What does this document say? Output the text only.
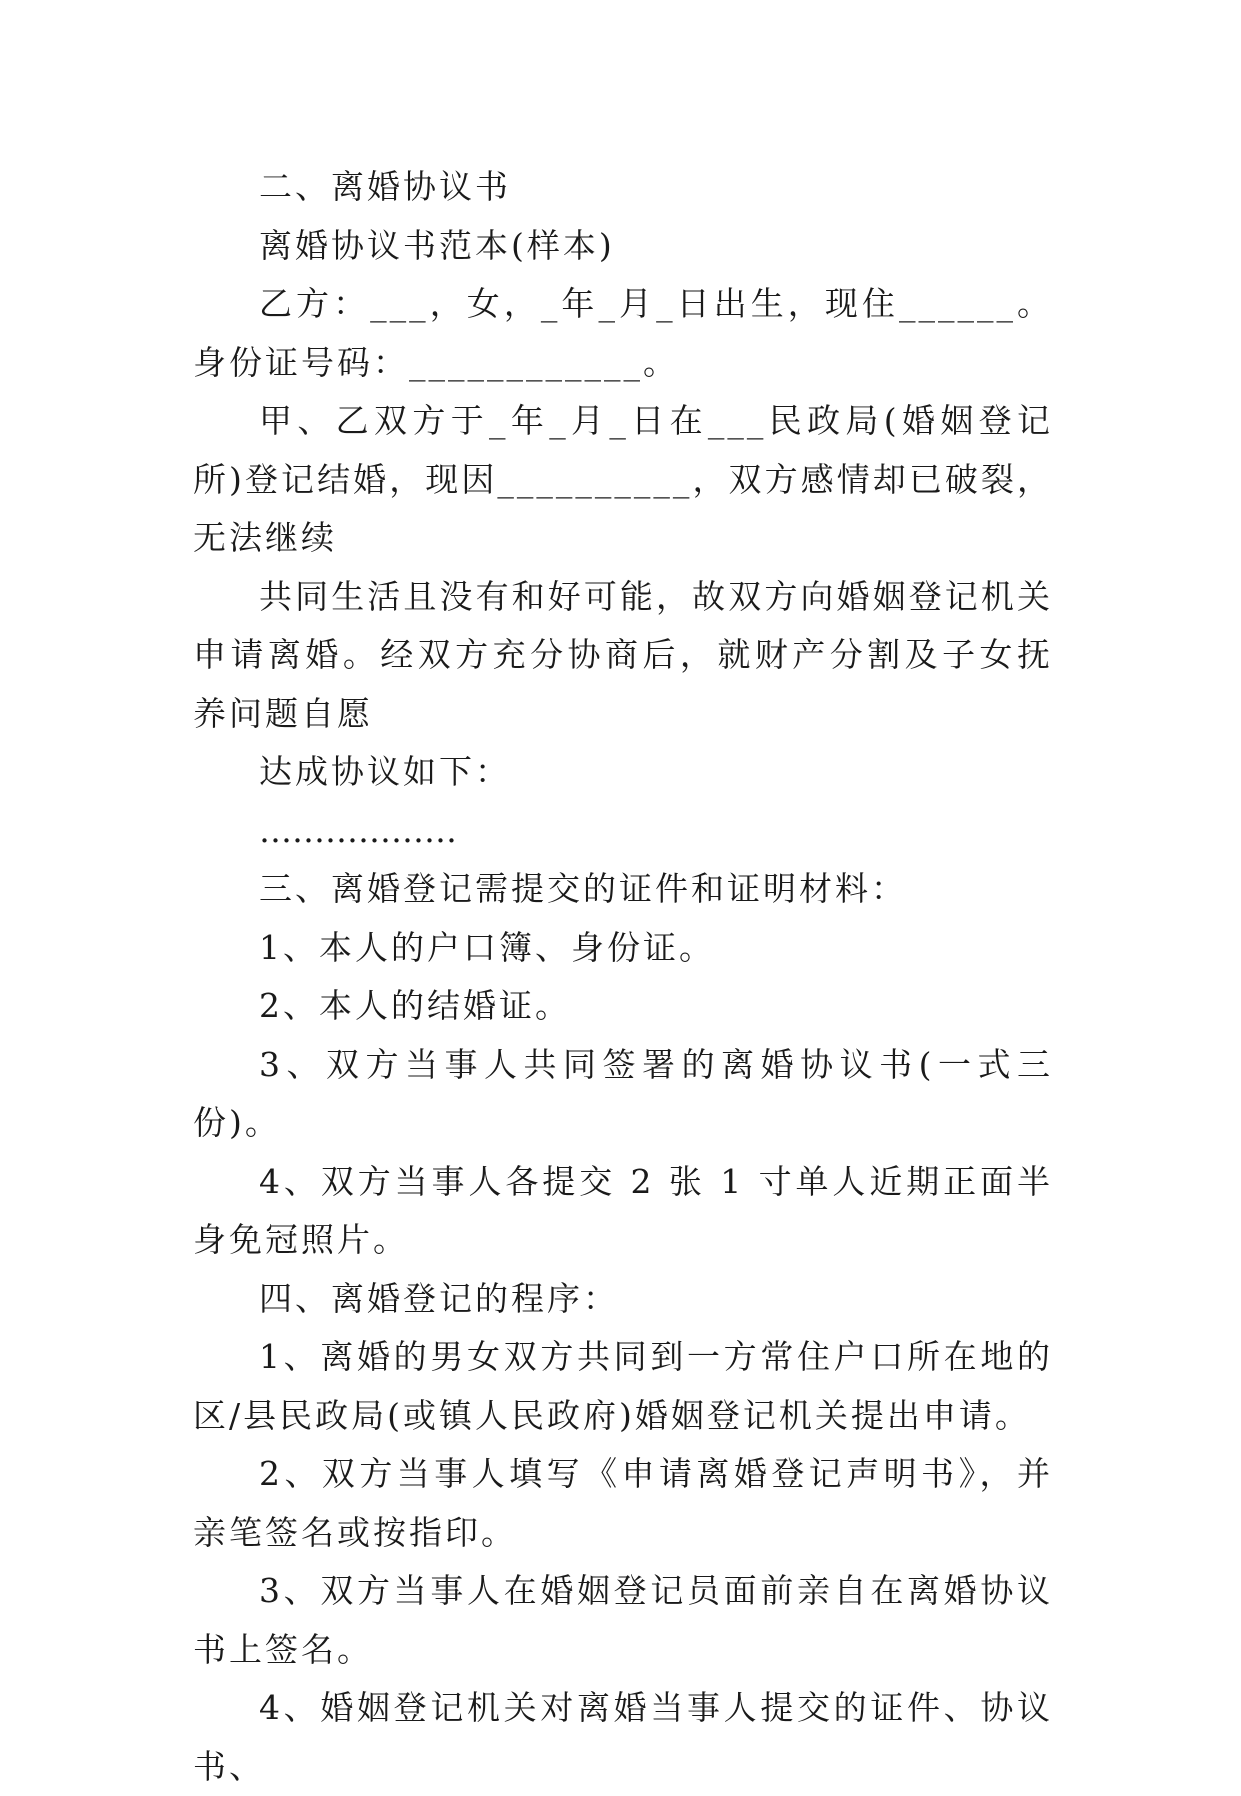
二、离婚协议书

离婚协议书范本(样本)

乙方：___，女，_年_月_日出生，现住______。身份证号码：____________。

甲、乙双方于_年_月_日在___民政局(婚姻登记所)登记结婚，现因__________，双方感情却已破裂，无法继续

共同生活且没有和好可能，故双方向婚姻登记机关申请离婚。经双方充分协商后，就财产分割及子女抚养问题自愿

达成协议如下：

………………

三、离婚登记需提交的证件和证明材料：

1、本人的户口簿、身份证。

2、本人的结婚证。

3、双方当事人共同签署的离婚协议书(一式三份)。

4、双方当事人各提交 2 张 1 寸单人近期正面半身免冠照片。

四、离婚登记的程序：

1、离婚的男女双方共同到一方常住户口所在地的区/县民政局(或镇人民政府)婚姻登记机关提出申请。

2、双方当事人填写《申请离婚登记声明书》，并亲笔签名或按指印。

3、双方当事人在婚姻登记员面前亲自在离婚协议书上签名。

4、婚姻登记机关对离婚当事人提交的证件、协议书、
